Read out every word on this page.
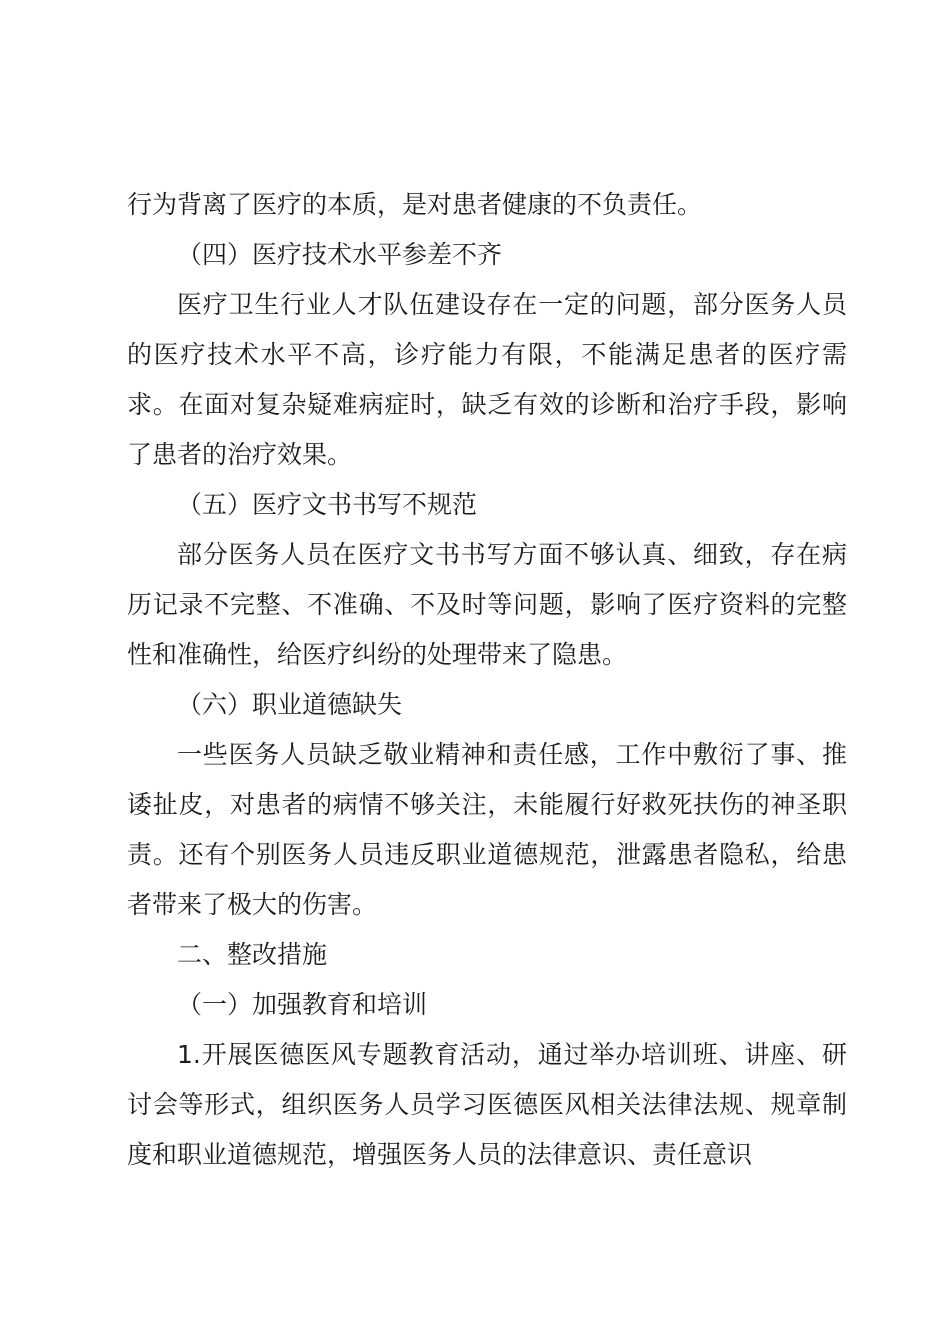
行为背离了医疗的本质，是对患者健康的不负责任。

（四）医疗技术水平参差不齐

医疗卫生行业人才队伍建设存在一定的问题，部分医务人员的医疗技术水平不高，诊疗能力有限，不能满足患者的医疗需求。在面对复杂疑难病症时，缺乏有效的诊断和治疗手段，影响了患者的治疗效果。

（五）医疗文书书写不规范

部分医务人员在医疗文书书写方面不够认真、细致，存在病历记录不完整、不准确、不及时等问题，影响了医疗资料的完整性和准确性，给医疗纠纷的处理带来了隐患。

（六）职业道德缺失

一些医务人员缺乏敬业精神和责任感，工作中敷衍了事、推诿扯皮，对患者的病情不够关注，未能履行好救死扶伤的神圣职责。还有个别医务人员违反职业道德规范，泄露患者隐私，给患者带来了极大的伤害。

二、整改措施

（一）加强教育和培训

1.开展医德医风专题教育活动，通过举办培训班、讲座、研讨会等形式，组织医务人员学习医德医风相关法律法规、规章制度和职业道德规范，增强医务人员的法律意识、责任意识
